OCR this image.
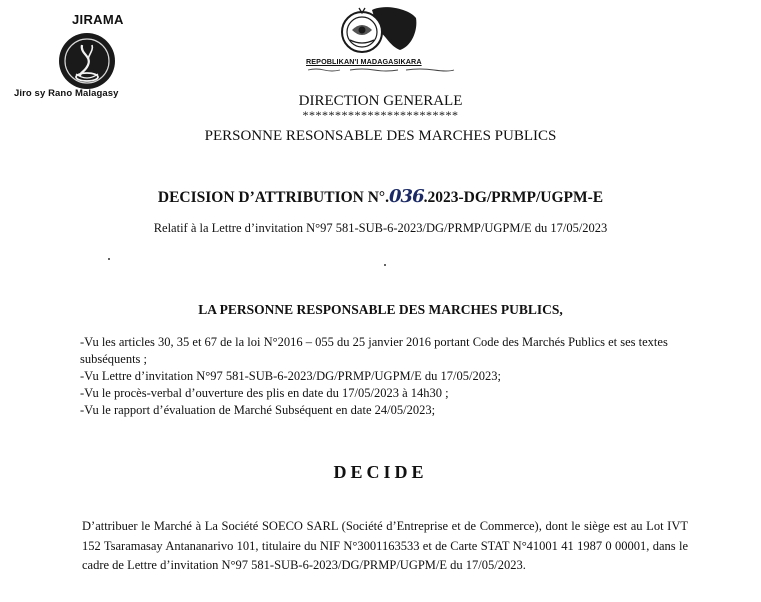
JIRAMA
Jiro sy Rano Malagasy
REPOBLIKAN'I MADAGASIKARA
DIRECTION GENERALE
************************
PERSONNE RESONSABLE DES MARCHES PUBLICS
DECISION D’ATTRIBUTION N°.036.2023-DG/PRMP/UGPM-E
Relatif à la Lettre d’invitation N°97 581-SUB-6-2023/DG/PRMP/UGPM/E du 17/05/2023
LA PERSONNE RESPONSABLE DES MARCHES PUBLICS,

-Vu les articles 30, 35 et 67 de la loi N°2016 – 055 du 25 janvier 2016 portant Code des Marchés Publics et ses textes subséquents ;

-Vu Lettre d’invitation N°97 581-SUB-6-2023/DG/PRMP/UGPM/E du 17/05/2023;

-Vu le procès-verbal d’ouverture des plis en date du 17/05/2023 à 14h30 ;

-Vu le rapport d’évaluation de Marché Subséquent en date 24/05/2023;

DECIDE
D’attribuer le Marché à La Société SOECO SARL (Société d’Entreprise et de Commerce), dont le siège est au Lot IVT 152 Tsaramasay Antananarivo 101, titulaire du NIF N°3001163533 et de Carte STAT N°41001 41 1987 0 00001, dans le cadre de Lettre d’invitation N°97 581-SUB-6-2023/DG/PRMP/UGPM/E du 17/05/2023.
